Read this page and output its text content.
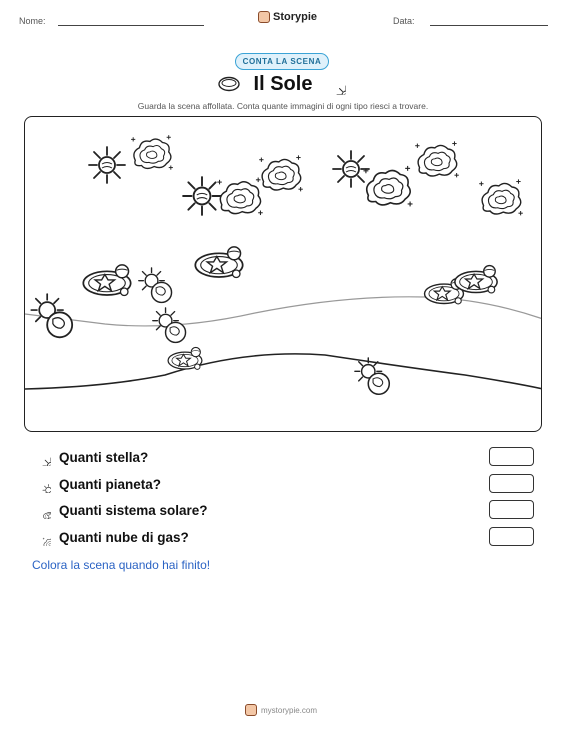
Nome:	Storypie	Data:
CONTA LA SCENA
Il Sole
Guarda la scena affollata. Conta quante immagini di ogni tipo riesci a trovare.
Quanti stella?
Quanti pianeta?
Quanti sistema solare?
Quanti nube di gas?
Colora la scena quando hai finito!
mystorypie.com
